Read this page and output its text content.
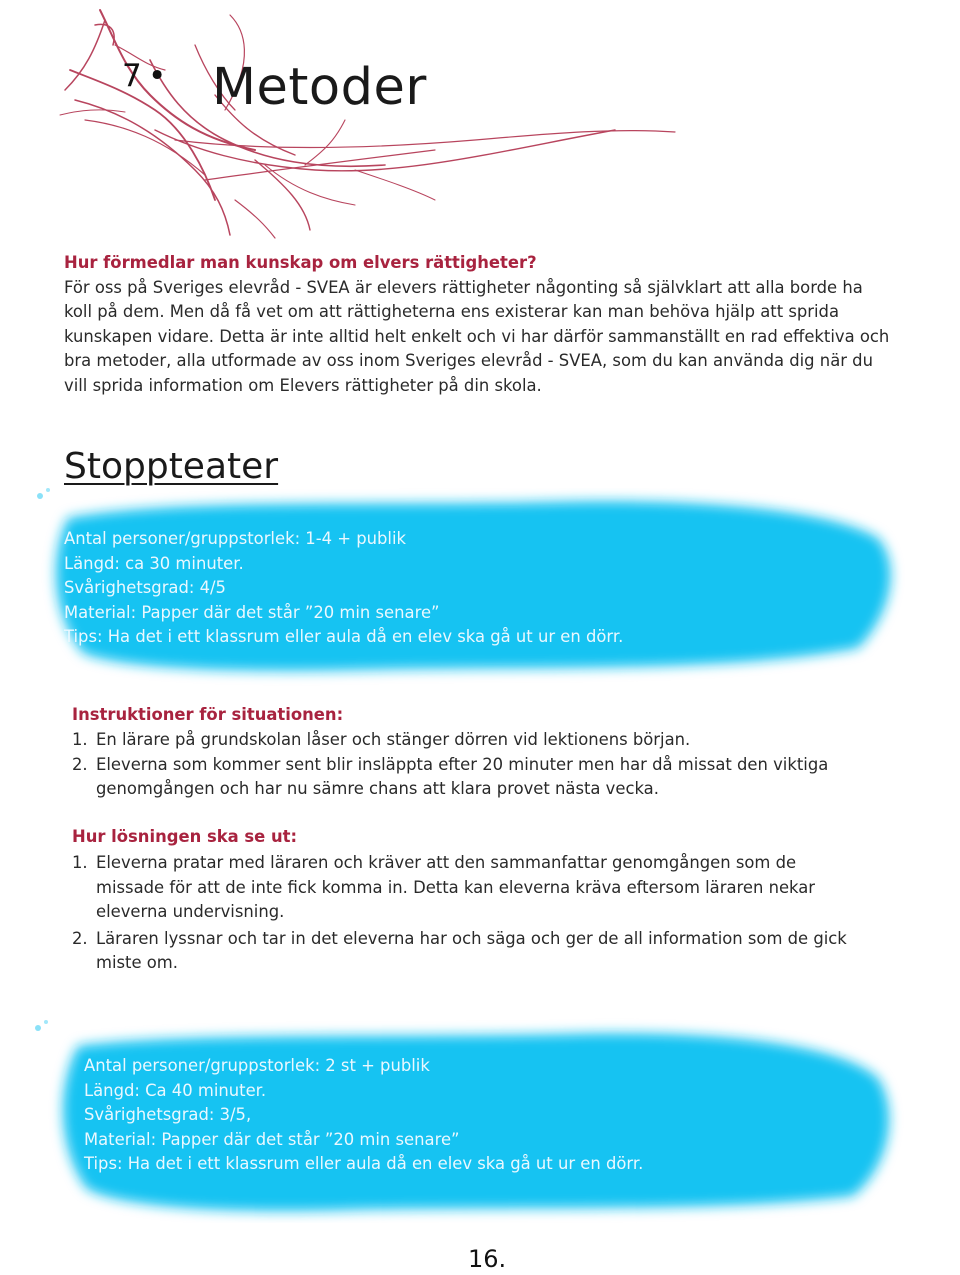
7 • Metoder
Hur förmedlar man kunskap om elvers rättigheter?
För oss på Sveriges elevråd - SVEA är elevers rättigheter någonting så självklart att alla borde ha koll på dem. Men då få vet om att rättigheterna ens existerar kan man behöva hjälp att sprida kunskapen vidare. Detta är inte alltid helt enkelt och vi har därför sammanställt en rad effektiva och bra metoder, alla utformade av oss inom Sveriges elevråd - SVEA, som du kan använda dig när du vill sprida information om Elevers rättigheter på din skola.
Stoppteater
Antal personer/gruppstorlek: 1-4 + publik
Längd: ca 30 minuter.
Svårighetsgrad: 4/5
Material: Papper där det står ”20 min senare”
Tips: Ha det i ett klassrum eller aula då en elev ska gå ut ur en dörr.
Instruktioner för situationen:
1. En lärare på grundskolan låser och stänger dörren vid lektionens början.
2. Eleverna som kommer sent blir insläppta efter 20 minuter men har då missat den viktiga genomgången och har nu sämre chans att klara provet nästa vecka.
Hur lösningen ska se ut:
1. Eleverna pratar med läraren och kräver att den sammanfattar genomgången som de missade för att de inte fick komma in. Detta kan eleverna kräva eftersom läraren nekar eleverna undervisning.
2. Läraren lyssnar och tar in det eleverna har och säga och ger de all information som de gick miste om.
Antal personer/gruppstorlek: 2 st + publik
Längd: Ca 40 minuter.
Svårighetsgrad: 3/5,
Material: Papper där det står ”20 min senare”
Tips: Ha det i ett klassrum eller aula då en elev ska gå ut ur en dörr.
16.
